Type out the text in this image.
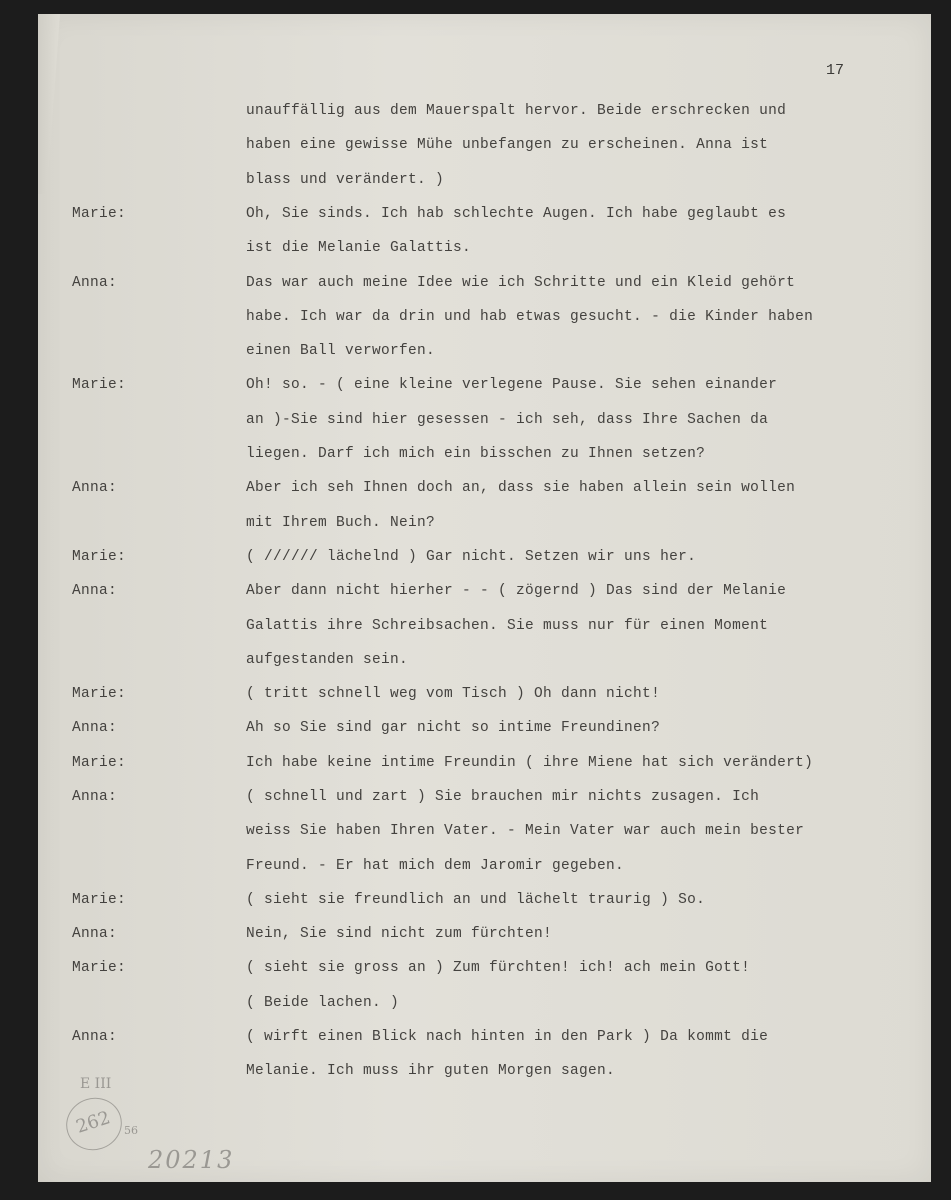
17
unauffällig aus dem Mauerspalt hervor. Beide erschrecken und
haben eine gewisse Mühe unbefangen zu erscheinen. Anna ist
blass und verändert. )
Marie:	Oh, Sie sinds. Ich hab schlechte Augen. Ich habe geglaubt es
ist die Melanie Galattis.
Anna:	Das war auch meine Idee wie ich Schritte und ein Kleid gehört
habe. Ich war da drin und hab etwas gesucht. - die Kinder haben
einen Ball verworfen.
Marie:	Oh! so. - ( eine kleine verlegene Pause. Sie sehen einander
an )-Sie sind hier gesessen - ich seh, dass Ihre Sachen da
liegen. Darf ich mich ein bisschen zu Ihnen setzen?
Anna:	Aber ich seh Ihnen doch an, dass sie haben allein sein wollen
mit Ihrem Buch. Nein?
Marie:	( ////// lächelnd ) Gar nicht. Setzen wir uns her.
Anna:	Aber dann nicht hierher - - ( zögernd ) Das sind der Melanie
Galattis ihre Schreibsachen. Sie muss nur für einen Moment
aufgestanden sein.
Marie:	( tritt schnell weg vom Tisch ) Oh dann nicht!
Anna:	Ah so Sie sind gar nicht so intime Freundinen?
Marie:	Ich habe keine intime Freundin ( ihre Miene hat sich verändert)
Anna:	( schnell und zart ) Sie brauchen mir nichts zusagen. Ich
weiss Sie haben Ihren Vater. - Mein Vater war auch mein bester
Freund. - Er hat mich dem Jaromir gegeben.
Marie:	( sieht sie freundlich an und lächelt traurig ) So.
Anna:	Nein, Sie sind nicht zum fürchten!
Marie:	( sieht sie gross an ) Zum fürchten! ich! ach mein Gott!
( Beide lachen. )
Anna:	( wirft einen Blick nach hinten in den Park ) Da kommt die
Melanie. Ich muss ihr guten Morgen sagen.
E III
262 56
20213
